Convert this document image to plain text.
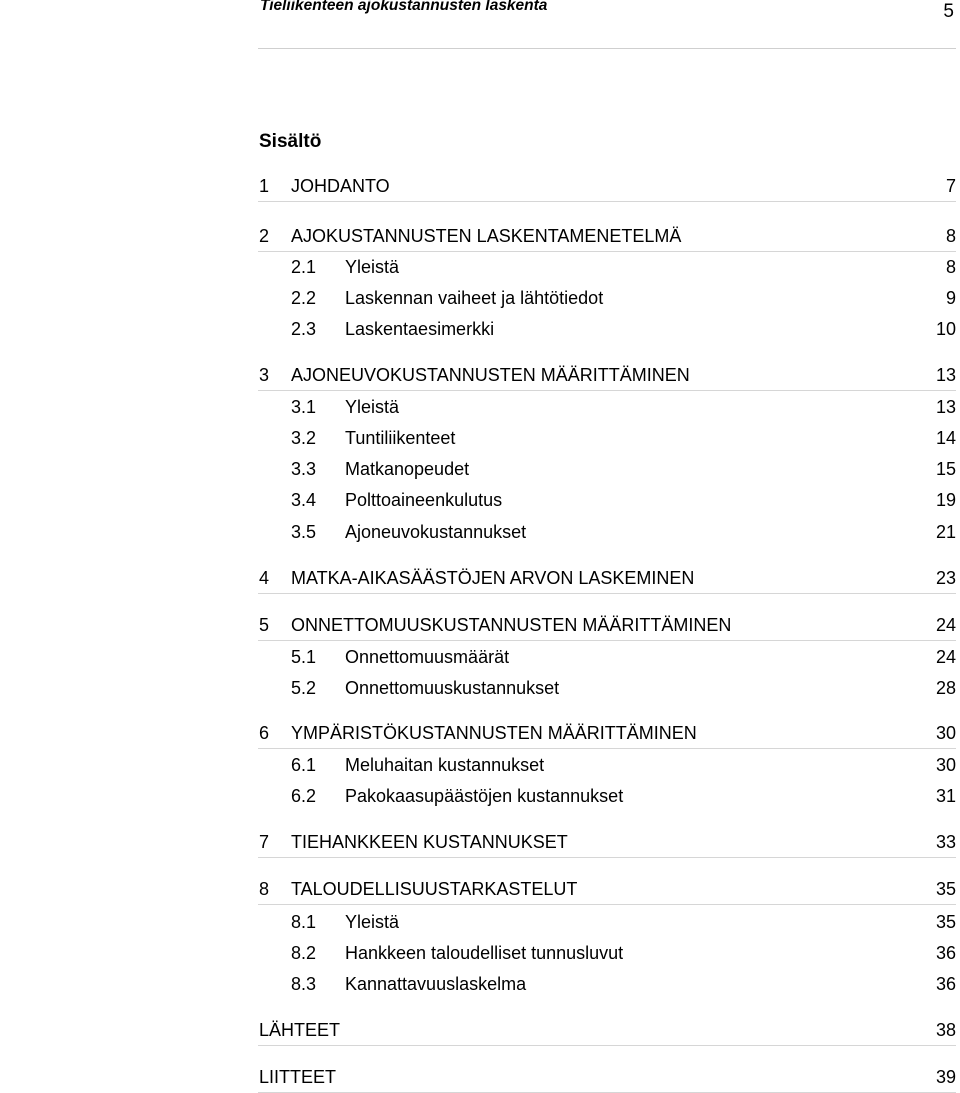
Tieliikenteen ajokustannusten laskenta	5
Sisältö
1 JOHDANTO	7
2 AJOKUSTANNUSTEN LASKENTAMENETELMÄ	8
2.1 Yleistä	8
2.2 Laskennan vaiheet ja lähtötiedot	9
2.3 Laskentaesimerkki	10
3 AJONEUVOKUSTANNUSTEN MÄÄRITTÄMINEN	13
3.1 Yleistä	13
3.2 Tuntiliikenteet	14
3.3 Matkanopeudet	15
3.4 Polttoaineenkulutus	19
3.5 Ajoneuvokustannukset	21
4 MATKA-AIKASÄÄSTÖJEN ARVON LASKEMINEN	23
5 ONNETTOMUUSKUSTANNUSTEN MÄÄRITTÄMINEN	24
5.1 Onnettomuusmäärät	24
5.2 Onnettomuuskustannukset	28
6 YMPÄRISTÖKUSTANNUSTEN MÄÄRITTÄMINEN	30
6.1 Meluhaitan kustannukset	30
6.2 Pakokaasupäästöjen kustannukset	31
7 TIEHANKKEEN KUSTANNUKSET	33
8 TALOUDELLISUUSTARKASTELUT	35
8.1 Yleistä	35
8.2 Hankkeen taloudelliset tunnusluvut	36
8.3 Kannattavuuslaskelma	36
LÄHTEET	38
LIITTEET	39
